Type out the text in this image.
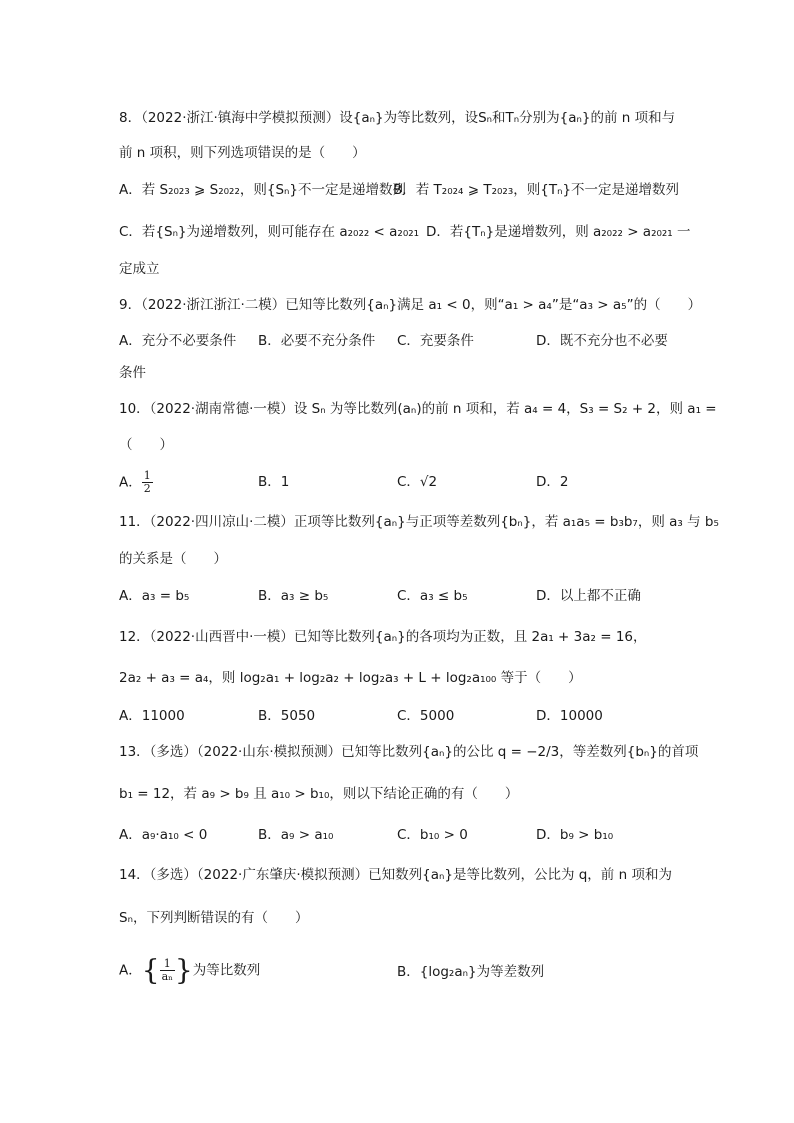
8．（2022·浙江·镇海中学模拟预测）设{aₙ}为等比数列，设Sₙ和Tₙ分别为{aₙ}的前 n 项和与
前 n 项积，则下列选项错误的是（　　）
A．若 S₂₀₂₃ ⩾ S₂₀₂₂，则{Sₙ}不一定是递增数列
B．若 T₂₀₂₄ ⩾ T₂₀₂₃，则{Tₙ}不一定是递增数列
C．若{Sₙ}为递增数列，则可能存在 a₂₀₂₂ < a₂₀₂₁ D．若{Tₙ}是递增数列，则 a₂₀₂₂ > a₂₀₂₁ 一
定成立
9．（2022·浙江浙江·二模）已知等比数列{aₙ}满足 a₁ < 0，则“a₁ > a₄”是“a₃ > a₅”的（　　）
A．充分不必要条件 B．必要不充分条件 C．充要条件	D．既不充分也不必要
条件
10．（2022·湖南常德·一模）设 Sₙ 为等比数列(aₙ)的前 n 项和，若 a₄ = 4，S₃ = S₂ + 2，则 a₁ =
（　　）
A． $\frac{1}{2}$	B．1	C．√2	D．2
11．（2022·四川凉山·二模）正项等比数列{aₙ}与正项等差数列{bₙ}，若 a₁a₅ = b₃b₇，则 a₃ 与 b₅
的关系是（　　）
A．a₃ = b₅	B．a₃ ≥ b₅	C．a₃ ≤ b₅	D．以上都不正确
12．（2022·山西晋中·一模）已知等比数列{aₙ}的各项均为正数，且 2a₁ + 3a₂ = 16，
2a₂ + a₃ = a₄，则 log₂a₁ + log₂a₂ + log₂a₃ + L + log₂a₁₀₀ 等于（　　）
A．11000	B．5050	C．5000	D．10000
13．（多选）（2022·山东·模拟预测）已知等比数列{aₙ}的公比 q = −2/3，等差数列{bₙ}的首项
b₁ = 12，若 a₉ > b₉ 且 a₁₀ > b₁₀，则以下结论正确的有（　　）
A．a₉·a₁₀ < 0	B．a₉ > a₁₀	C．b₁₀ > 0	D．b₉ > b₁₀
14．（多选）（2022·广东肇庆·模拟预测）已知数列{aₙ}是等比数列，公比为 q，前 n 项和为
Sₙ，下列判断错误的有（　　）
A．{ $\frac{1}{\text{aₙ}}$ }为等比数列	B．{log₂aₙ}为等差数列
